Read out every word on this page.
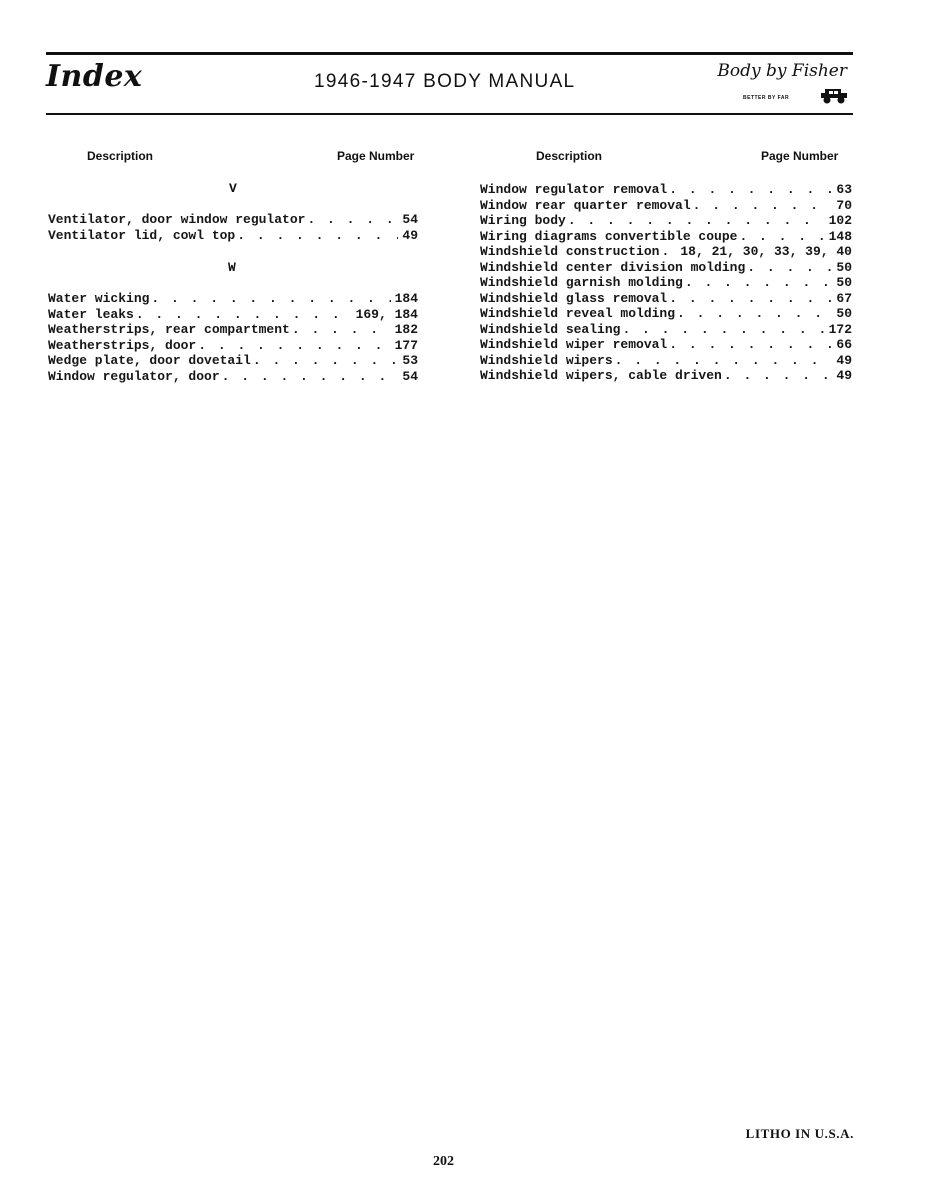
Index	1946-1947 BODY MANUAL	Body by Fisher
BETTER BY FAR
Description	Page Number	Description	Page Number
V
Ventilator, door window regulator . . .	54
Ventilator lid, cowl top . . .	49
W
Water wicking . . .	184
Water leaks . . .	169, 184
Weatherstrips, rear compartment . . .	182
Weatherstrips, door . . .	177
Wedge plate, door dovetail . . .	53
Window regulator, door . . .	54
Window regulator removal . . .	63
Window rear quarter removal . . .	70
Wiring body . . .	102
Wiring diagrams convertible coupe . . .	148
Windshield construction . . . 18, 21, 30, 33, 39, 40
Windshield center division molding . . .	50
Windshield garnish molding . . .	50
Windshield glass removal . . .	67
Windshield reveal molding . . .	50
Windshield sealing . . .	172
Windshield wiper removal . . .	66
Windshield wipers . . .	49
Windshield wipers, cable driven . . .	49
LITHO IN U.S.A.
202
